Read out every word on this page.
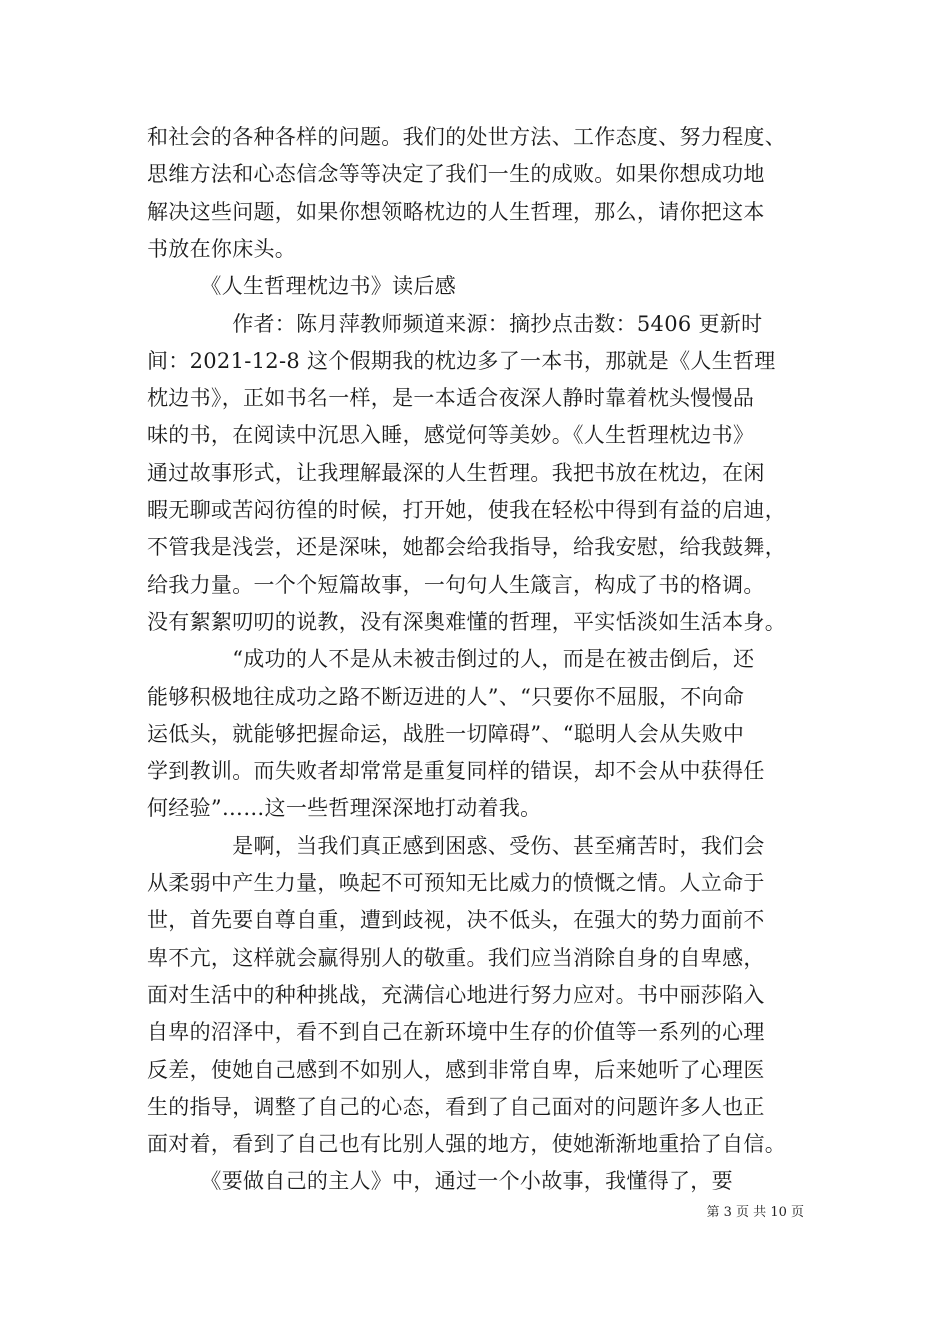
和社会的各种各样的问题。我们的处世方法、工作态度、努力程度、
思维方法和心态信念等等决定了我们一生的成败。如果你想成功地
解决这些问题，如果你想领略枕边的人生哲理，那么，请你把这本
书放在你床头。
　　　《人生哲理枕边书》读后感
　　　　作者：陈月萍教师频道来源：摘抄点击数：5406 更新时
间：2021-12-8 这个假期我的枕边多了一本书，那就是《人生哲理
枕边书》，正如书名一样，是一本适合夜深人静时靠着枕头慢慢品
味的书，在阅读中沉思入睡，感觉何等美妙。《人生哲理枕边书》
通过故事形式，让我理解最深的人生哲理。我把书放在枕边，在闲
暇无聊或苦闷彷徨的时候，打开她，使我在轻松中得到有益的启迪，
不管我是浅尝，还是深味，她都会给我指导，给我安慰，给我鼓舞，
给我力量。一个个短篇故事，一句句人生箴言，构成了书的格调。
没有絮絮叨叨的说教，没有深奥难懂的哲理，平实恬淡如生活本身。
　　　　“成功的人不是从未被击倒过的人，而是在被击倒后，还
能够积极地往成功之路不断迈进的人”、“只要你不屈服，不向命
运低头，就能够把握命运，战胜一切障碍”、“聪明人会从失败中
学到教训。而失败者却常常是重复同样的错误，却不会从中获得任
何经验”……这一些哲理深深地打动着我。
　　　　是啊，当我们真正感到困惑、受伤、甚至痛苦时，我们会
从柔弱中产生力量，唤起不可预知无比威力的愤慨之情。人立命于
世，首先要自尊自重，遭到歧视，决不低头，在强大的势力面前不
卑不亢，这样就会赢得别人的敬重。我们应当消除自身的自卑感，
面对生活中的种种挑战，充满信心地进行努力应对。书中丽莎陷入
自卑的沼泽中，看不到自己在新环境中生存的价值等一系列的心理
反差，使她自己感到不如别人，感到非常自卑，后来她听了心理医
生的指导，调整了自己的心态，看到了自己面对的问题许多人也正
面对着，看到了自己也有比别人强的地方，使她渐渐地重拾了自信。
　　　《要做自己的主人》中，通过一个小故事，我懂得了，要
第 3 页 共 10 页
